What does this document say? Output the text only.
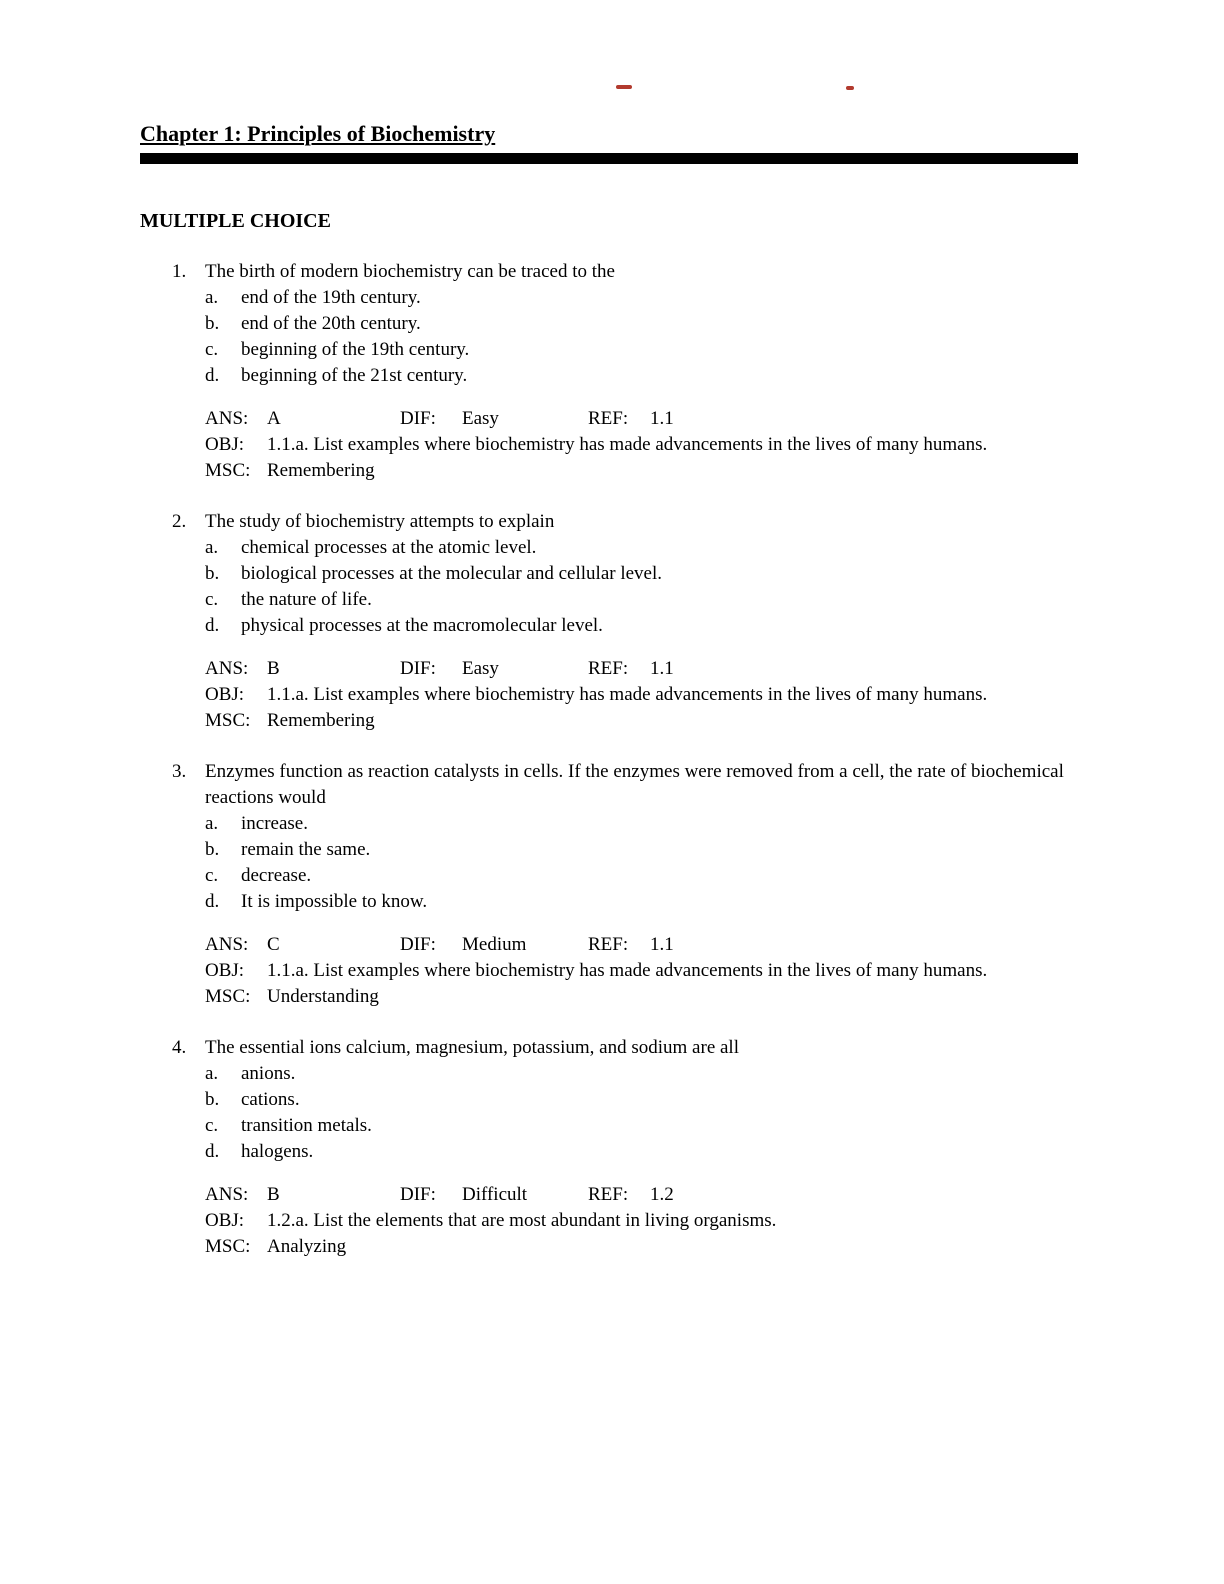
Chapter 1: Principles of Biochemistry
MULTIPLE CHOICE
1. The birth of modern biochemistry can be traced to the
a. end of the 19th century.
b. end of the 20th century.
c. beginning of the 19th century.
d. beginning of the 21st century.
ANS: A	DIF: Easy	REF: 1.1
OBJ: 1.1.a. List examples where biochemistry has made advancements in the lives of many humans.
MSC: Remembering
2. The study of biochemistry attempts to explain
a. chemical processes at the atomic level.
b. biological processes at the molecular and cellular level.
c. the nature of life.
d. physical processes at the macromolecular level.
ANS: B	DIF: Easy	REF: 1.1
OBJ: 1.1.a. List examples where biochemistry has made advancements in the lives of many humans.
MSC: Remembering
3. Enzymes function as reaction catalysts in cells. If the enzymes were removed from a cell, the rate of biochemical reactions would
a. increase.
b. remain the same.
c. decrease.
d. It is impossible to know.
ANS: C	DIF: Medium	REF: 1.1
OBJ: 1.1.a. List examples where biochemistry has made advancements in the lives of many humans.
MSC: Understanding
4. The essential ions calcium, magnesium, potassium, and sodium are all
a. anions.
b. cations.
c. transition metals.
d. halogens.
ANS: B	DIF: Difficult	REF: 1.2
OBJ: 1.2.a. List the elements that are most abundant in living organisms.
MSC: Analyzing
